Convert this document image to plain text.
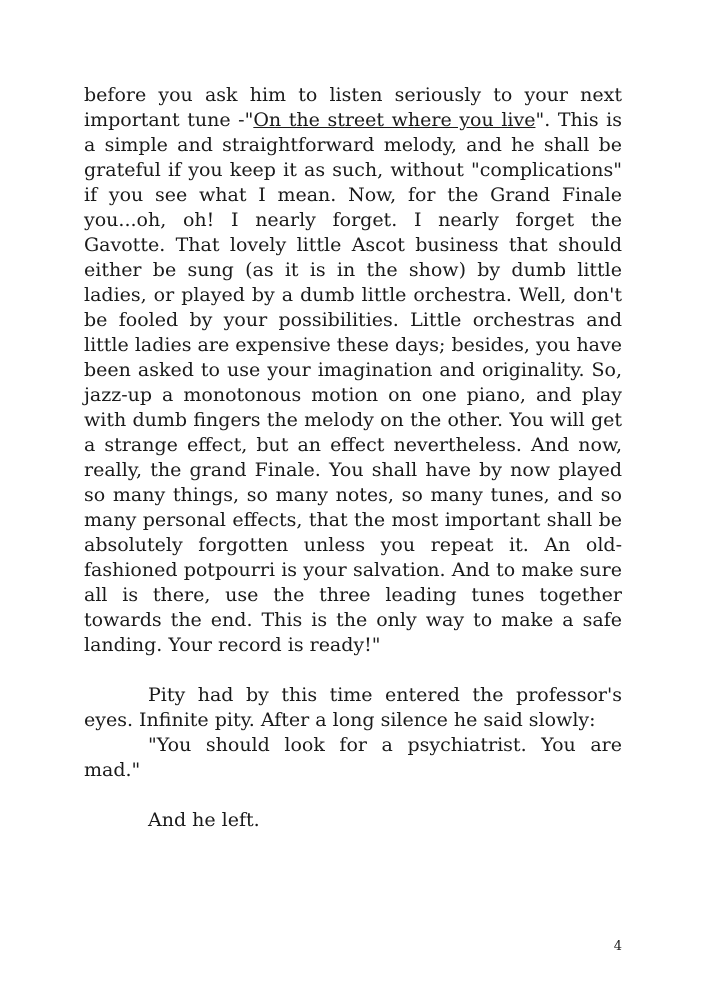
before you ask him to listen seriously to your next important tune -"On the street where you live". This is a simple and straightforward melody, and he shall be grateful if you keep it as such, without "complications" if you see what I mean. Now, for the Grand Finale you...oh, oh! I nearly forget. I nearly forget the Gavotte. That lovely little Ascot business that should either be sung (as it is in the show) by dumb little ladies, or played by a dumb little orchestra. Well, don't be fooled by your possibilities. Little orchestras and little ladies are expensive these days; besides, you have been asked to use your imagination and originality. So, jazz-up a monotonous motion on one piano, and play with dumb fingers the melody on the other. You will get a strange effect, but an effect nevertheless. And now, really, the grand Finale. You shall have by now played so many things, so many notes, so many tunes, and so many personal effects, that the most important shall be absolutely forgotten unless you repeat it. An old-fashioned potpourri is your salvation. And to make sure all is there, use the three leading tunes together towards the end. This is the only way to make a safe landing. Your record is ready!"

Pity had by this time entered the professor's eyes. Infinite pity. After a long silence he said slowly:

"You should look for a psychiatrist. You are mad."

And he left.

4
